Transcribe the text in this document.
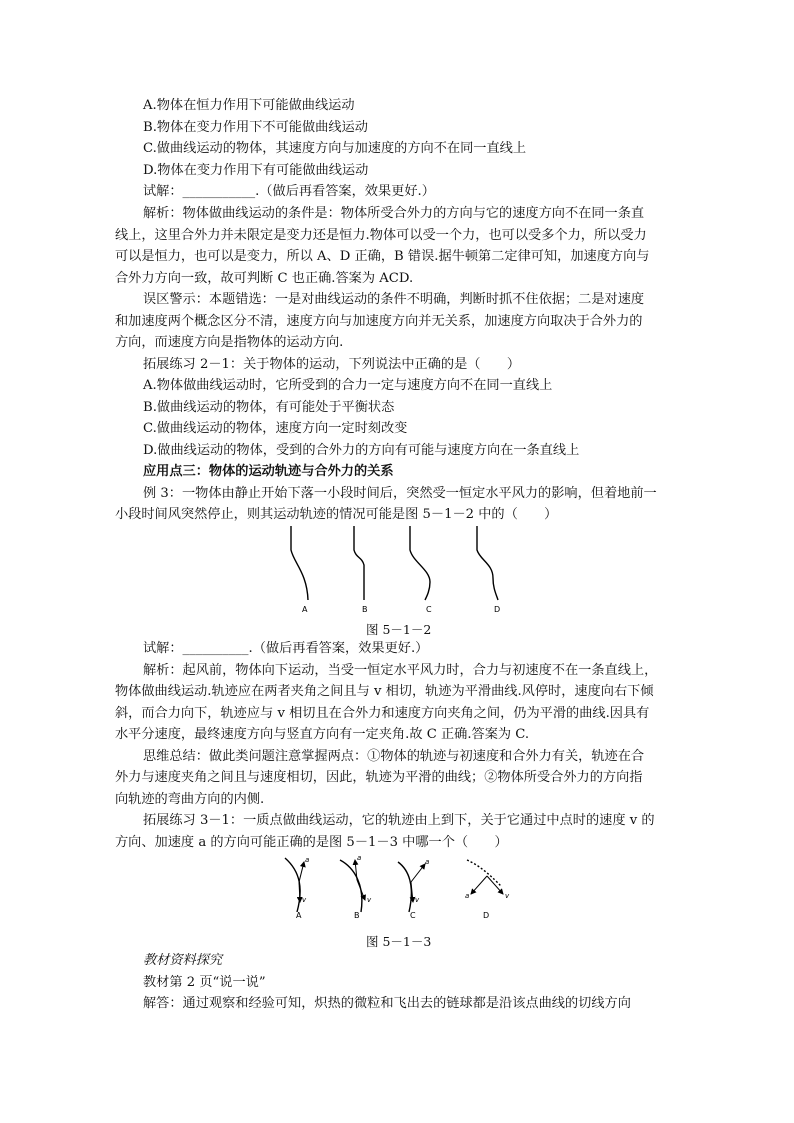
A.物体在恒力作用下可能做曲线运动
B.物体在变力作用下不可能做曲线运动
C.做曲线运动的物体，其速度方向与加速度的方向不在同一直线上
D.物体在变力作用下有可能做曲线运动
试解：___________.（做后再看答案，效果更好.）
解析：物体做曲线运动的条件是：物体所受合外力的方向与它的速度方向不在同一条直
线上，这里合外力并未限定是变力还是恒力.物体可以受一个力，也可以受多个力，所以受力
可以是恒力，也可以是变力，所以 A、D 正确，B 错误.据牛顿第二定律可知，加速度方向与
合外力方向一致，故可判断 C 也正确.答案为 ACD.
误区警示：本题错选：一是对曲线运动的条件不明确，判断时抓不住依据；二是对速度
和加速度两个概念区分不清，速度方向与加速度方向并无关系，加速度方向取决于合外力的
方向，而速度方向是指物体的运动方向.
拓展练习 2－1：关于物体的运动，下列说法中正确的是（　　）
A.物体做曲线运动时，它所受到的合力一定与速度方向不在同一直线上
B.做曲线运动的物体，有可能处于平衡状态
C.做曲线运动的物体，速度方向一定时刻改变
D.做曲线运动的物体，受到的合外力的方向有可能与速度方向在一条直线上
应用点三：物体的运动轨迹与合外力的关系
例 3：一物体由静止开始下落一小段时间后，突然受一恒定水平风力的影响，但着地前一
小段时间风突然停止，则其运动轨迹的情况可能是图 5－1－2 中的（　　）
A	B	C	D
图 5－1－2
试解：__________.（做后再看答案，效果更好.）
解析：起风前，物体向下运动，当受一恒定水平风力时，合力与初速度不在一条直线上，
物体做曲线运动.轨迹应在两者夹角之间且与 v 相切，轨迹为平滑曲线.风停时，速度向右下倾
斜，而合力向下，轨迹应与 v 相切且在合外力和速度方向夹角之间，仍为平滑的曲线.因具有
水平分速度，最终速度方向与竖直方向有一定夹角.故 C 正确.答案为 C.
思维总结：做此类问题注意掌握两点：①物体的轨迹与初速度和合外力有关，轨迹在合
外力与速度夹角之间且与速度相切，因此，轨迹为平滑的曲线；②物体所受合外力的方向指
向轨迹的弯曲方向的内侧.
拓展练习 3－1：一质点做曲线运动，它的轨迹由上到下，关于它通过中点时的速度 v 的
方向、加速度 a 的方向可能正确的是图 5－1－3 中哪一个（　　）
a
v
a
v
a
v	a	v
A	B	C	D
图 5－1－3
教材资料探究
教材第 2 页“说一说”
解答：通过观察和经验可知，炽热的微粒和飞出去的链球都是沿该点曲线的切线方向
